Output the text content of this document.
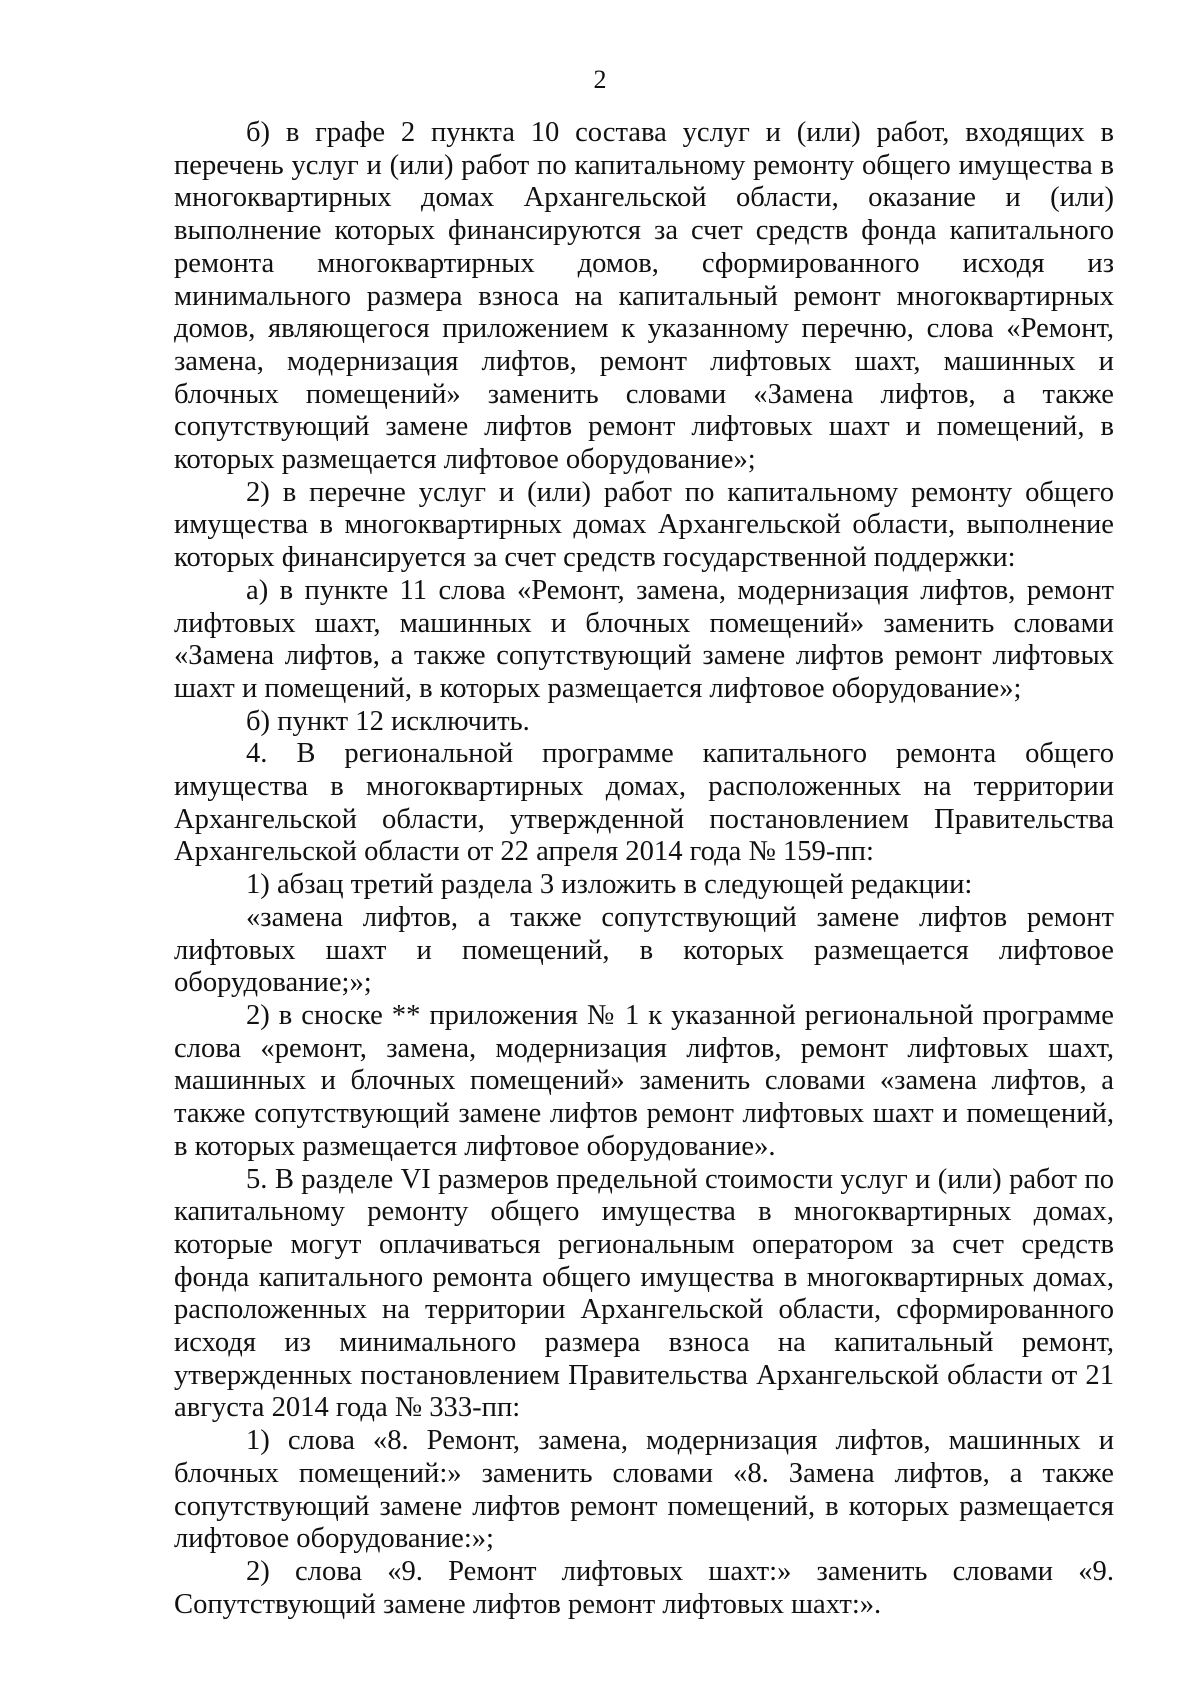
2

б) в графе 2 пункта 10 состава услуг и (или) работ, входящих в перечень услуг и (или) работ по капитальному ремонту общего имущества в многоквартирных домах Архангельской области, оказание и (или) выполнение которых финансируются за счет средств фонда капитального ремонта многоквартирных домов, сформированного исходя из минимального размера взноса на капитальный ремонт многоквартирных домов, являющегося приложением к указанному перечню, слова «Ремонт, замена, модернизация лифтов, ремонт лифтовых шахт, машинных и блочных помещений» заменить словами «Замена лифтов, а также сопутствующий замене лифтов ремонт лифтовых шахт и помещений, в которых размещается лифтовое оборудование»;

2) в перечне услуг и (или) работ по капитальному ремонту общего имущества в многоквартирных домах Архангельской области, выполнение которых финансируется за счет средств государственной поддержки:

а) в пункте 11 слова «Ремонт, замена, модернизация лифтов, ремонт лифтовых шахт, машинных и блочных помещений» заменить словами «Замена лифтов, а также сопутствующий замене лифтов ремонт лифтовых шахт и помещений, в которых размещается лифтовое оборудование»;

б) пункт 12 исключить.

4. В региональной программе капитального ремонта общего имущества в многоквартирных домах, расположенных на территории Архангельской области, утвержденной постановлением Правительства Архангельской области от 22 апреля 2014 года № 159-пп:

1) абзац третий раздела 3 изложить в следующей редакции:

«замена лифтов, а также сопутствующий замене лифтов ремонт лифтовых шахт и помещений, в которых размещается лифтовое оборудование;»;

2) в сноске ** приложения № 1 к указанной региональной программе слова «ремонт, замена, модернизация лифтов, ремонт лифтовых шахт, машинных и блочных помещений» заменить словами «замена лифтов, а также сопутствующий замене лифтов ремонт лифтовых шахт и помещений, в которых размещается лифтовое оборудование».

5. В разделе VI размеров предельной стоимости услуг и (или) работ по капитальному ремонту общего имущества в многоквартирных домах, которые могут оплачиваться региональным оператором за счет средств фонда капитального ремонта общего имущества в многоквартирных домах, расположенных на территории Архангельской области, сформированного исходя из минимального размера взноса на капитальный ремонт, утвержденных постановлением Правительства Архангельской области от 21 августа 2014 года № 333-пп:

1) слова «8. Ремонт, замена, модернизация лифтов, машинных и блочных помещений:» заменить словами «8. Замена лифтов, а также сопутствующий замене лифтов ремонт помещений, в которых размещается лифтовое оборудование:»;

2) слова «9. Ремонт лифтовых шахт:» заменить словами «9. Сопутствующий замене лифтов ремонт лифтовых шахт:».
